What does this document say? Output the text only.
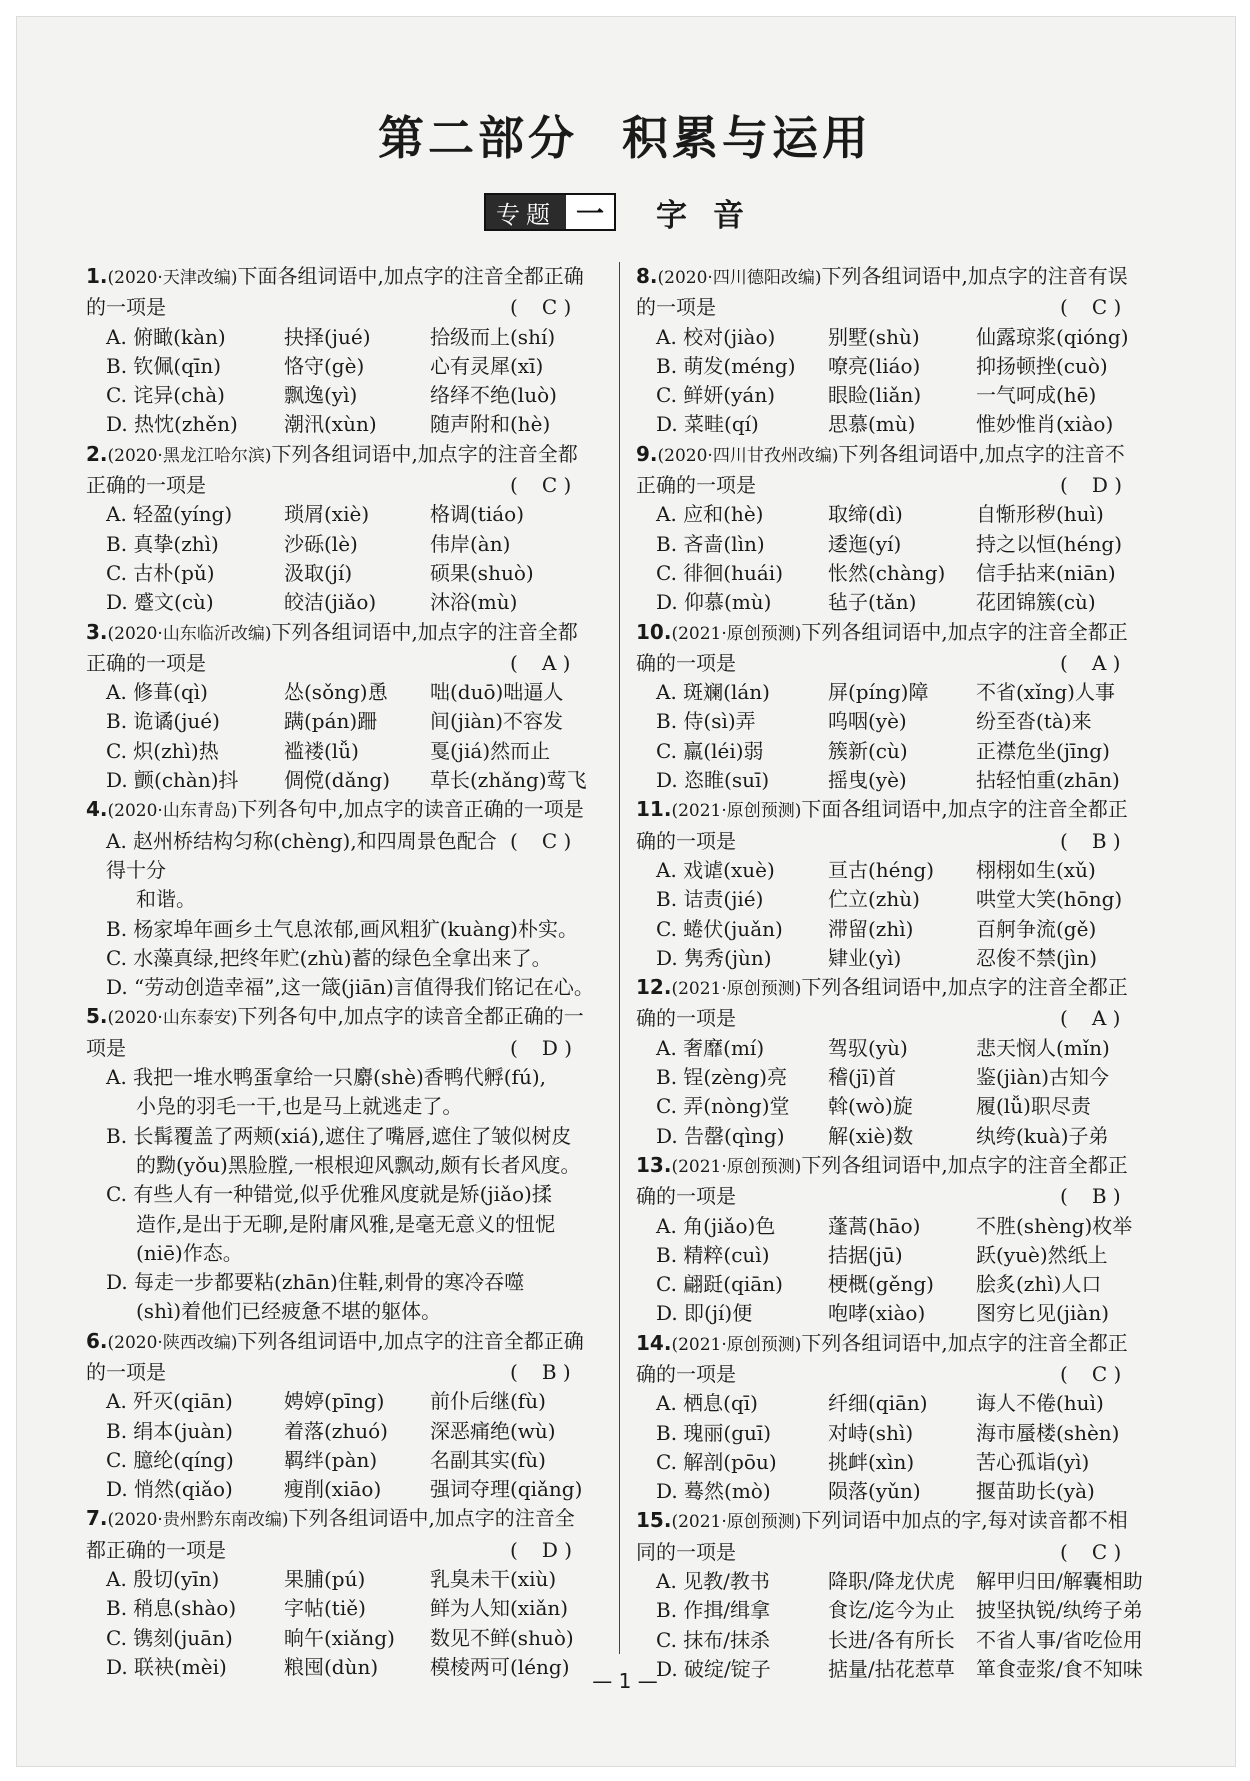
第二部分 积累与运用
专题 一	字音
1.(2020·天津改编)下面各组词语中,加点字的注音全都正确的一项是	( C )
A. 俯瞰(kàn)	抉择(jué)	拾级而上(shí)
B. 钦佩(qīn)	恪守(gè)	心有灵犀(xī)
C. 诧异(chà)	飘逸(yì)	络绎不绝(luò)
D. 热忱(zhěn)	潮汛(xùn)	随声附和(hè)
2.(2020·黑龙江哈尔滨)下列各组词语中,加点字的注音全都正确的一项是	( C )
A. 轻盈(yíng)	琐屑(xiè)	格调(tiáo)
B. 真挚(zhì)	沙砾(lè)	伟岸(àn)
C. 古朴(pǔ)	汲取(jí)	硕果(shuò)
D. 蹙文(cù)	皎洁(jiǎo)	沐浴(mù)
3.(2020·山东临沂改编)下列各组词语中,加点字的注音全都正确的一项是	( A )
A. 修葺(qì)	怂(sǒng)恿	咄(duō)咄逼人
B. 诡谲(jué)	蹒(pán)跚	间(jiàn)不容发
C. 炽(zhì)热	褴褛(lǚ)	戛(jiá)然而止
D. 颤(chàn)抖	倜傥(dǎng)	草长(zhǎng)莺飞
4.(2020·山东青岛)下列各句中,加点字的读音正确的一项是
( C )
A. 赵州桥结构匀称(chèng),和四周景色配合得十分
和谐。
B. 杨家埠年画乡土气息浓郁,画风粗犷(kuàng)朴实。
C. 水藻真绿,把终年贮(zhù)蓄的绿色全拿出来了。
D. “劳动创造幸福”,这一箴(jiān)言值得我们铭记在心。
5.(2020·山东泰安)下列各句中,加点字的读音全都正确的一项是	( D )
A. 我把一堆水鸭蛋拿给一只麝(shè)香鸭代孵(fú),
小凫的羽毛一干,也是马上就逃走了。
B. 长髯覆盖了两颊(xiá),遮住了嘴唇,遮住了皱似树皮
的黝(yǒu)黑脸膛,一根根迎风飘动,颇有长者风度。
C. 有些人有一种错觉,似乎优雅风度就是矫(jiǎo)揉
造作,是出于无聊,是附庸风雅,是毫无意义的忸怩
(niē)作态。
D. 每走一步都要粘(zhān)住鞋,刺骨的寒冷吞噬
(shì)着他们已经疲惫不堪的躯体。
6.(2020·陕西改编)下列各组词语中,加点字的注音全都正确的一项是	( B )
A. 歼灭(qiān)	娉婷(pīng)	前仆后继(fù)
B. 绢本(juàn)	着落(zhuó)	深恶痛绝(wù)
C. 臆纶(qíng)	羁绊(pàn)	名副其实(fù)
D. 悄然(qiǎo)	瘦削(xiāo)	强词夺理(qiǎng)
7.(2020·贵州黔东南改编)下列各组词语中,加点字的注音全都正确的一项是	( D )
A. 殷切(yīn)	果脯(pú)	乳臭未干(xiù)
B. 稍息(shào)	字帖(tiě)	鲜为人知(xiǎn)
C. 镌刻(juān)	晌午(xiǎng)	数见不鲜(shuò)
D. 联袂(mèi)	粮囤(dùn)	模棱两可(léng)
8.(2020·四川德阳改编)下列各组词语中,加点字的注音有误的一项是	( C )
A. 校对(jiào)	别墅(shù)	仙露琼浆(qióng)
B. 萌发(méng)	嘹亮(liáo)	抑扬顿挫(cuò)
C. 鲜妍(yán)	眼睑(liǎn)	一气呵成(hē)
D. 菜畦(qí)	思慕(mù)	惟妙惟肖(xiào)
9.(2020·四川甘孜州改编)下列各组词语中,加点字的注音不正确的一项是	( D )
A. 应和(hè)	取缔(dì)	自惭形秽(huì)
B. 吝啬(lìn)	逶迤(yí)	持之以恒(héng)
C. 徘徊(huái)	怅然(chàng)	信手拈来(niān)
D. 仰慕(mù)	毡子(tǎn)	花团锦簇(cù)
10.(2021·原创预测)下列各组词语中,加点字的注音全都正确的一项是	( A )
A. 斑斓(lán)	屏(píng)障	不省(xǐng)人事
B. 侍(sì)弄	呜咽(yè)	纷至沓(tà)来
C. 羸(léi)弱	簇新(cù)	正襟危坐(jīng)
D. 恣睢(suī)	摇曳(yè)	拈轻怕重(zhān)
11.(2021·原创预测)下面各组词语中,加点字的注音全都正确的一项是	( B )
A. 戏谑(xuè)	亘古(héng)	栩栩如生(xǔ)
B. 诘责(jié)	伫立(zhù)	哄堂大笑(hōng)
C. 蜷伏(juǎn)	滞留(zhì)	百舸争流(gě)
D. 隽秀(jùn)	肄业(yì)	忍俊不禁(jìn)
12.(2021·原创预测)下列各组词语中,加点字的注音全都正确的一项是	( A )
A. 奢靡(mí)	驾驭(yù)	悲天悯人(mǐn)
B. 锃(zèng)亮	稽(jī)首	鉴(jiàn)古知今
C. 弄(nòng)堂	斡(wò)旋	履(lǚ)职尽责
D. 告罄(qìng)	解(xiè)数	纨绔(kuà)子弟
13.(2021·原创预测)下列各组词语中,加点字的注音全都正确的一项是	( B )
A. 角(jiǎo)色	蓬蒿(hāo)	不胜(shèng)枚举
B. 精粹(cuì)	拮据(jū)	跃(yuè)然纸上
C. 翩跹(qiān)	梗概(gěng)	脍炙(zhì)人口
D. 即(jí)便	咆哮(xiào)	图穷匕见(jiàn)
14.(2021·原创预测)下列各组词语中,加点字的注音全都正确的一项是	( C )
A. 栖息(qī)	纤细(qiān)	诲人不倦(huì)
B. 瑰丽(guī)	对峙(shì)	海市蜃楼(shèn)
C. 解剖(pōu)	挑衅(xìn)	苦心孤诣(yì)
D. 蓦然(mò)	陨落(yǔn)	揠苗助长(yà)
15.(2021·原创预测)下列词语中加点的字,每对读音都不相同的一项是	( C )
A. 见教/教书	降职/降龙伏虎	解甲归田/解囊相助
B. 作揖/缉拿	食讫/迄今为止	披坚执锐/纨绔子弟
C. 抹布/抹杀	长进/各有所长	不省人事/省吃俭用
D. 破绽/锭子	掂量/拈花惹草	箪食壶浆/食不知味
— 1 —
